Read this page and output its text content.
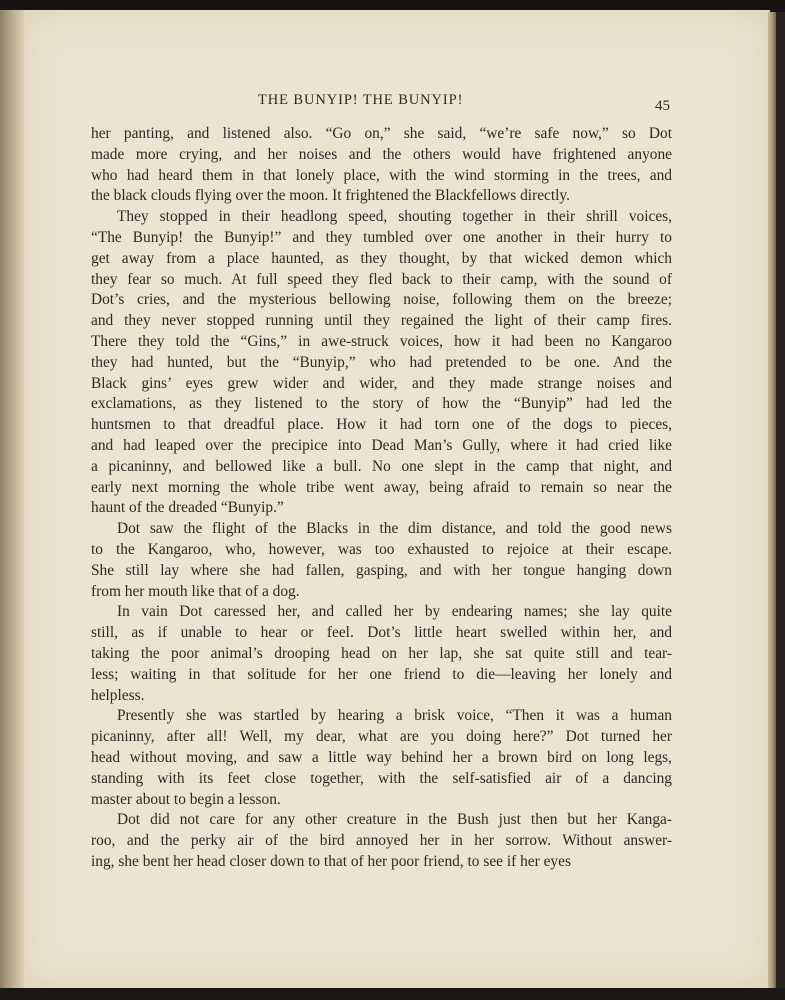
THE BUNYIP! THE BUNYIP!	45
her panting, and listened also. “Go on,” she said, “we’re safe now,” so Dot
made more crying, and her noises and the others would have frightened anyone
who had heard them in that lonely place, with the wind storming in the trees, and
the black clouds flying over the moon. It frightened the Blackfellows directly.
They stopped in their headlong speed, shouting together in their shrill voices,
“The Bunyip! the Bunyip!” and they tumbled over one another in their hurry to
get away from a place haunted, as they thought, by that wicked demon which
they fear so much. At full speed they fled back to their camp, with the sound of
Dot’s cries, and the mysterious bellowing noise, following them on the breeze;
and they never stopped running until they regained the light of their camp fires.
There they told the “Gins,” in awe-struck voices, how it had been no Kangaroo
they had hunted, but the “Bunyip,” who had pretended to be one. And the
Black gins’ eyes grew wider and wider, and they made strange noises and
exclamations, as they listened to the story of how the “Bunyip” had led the
huntsmen to that dreadful place. How it had torn one of the dogs to pieces,
and had leaped over the precipice into Dead Man’s Gully, where it had cried like
a picaninny, and bellowed like a bull. No one slept in the camp that night, and
early next morning the whole tribe went away, being afraid to remain so near the
haunt of the dreaded “Bunyip.”
Dot saw the flight of the Blacks in the dim distance, and told the good news
to the Kangaroo, who, however, was too exhausted to rejoice at their escape.
She still lay where she had fallen, gasping, and with her tongue hanging down
from her mouth like that of a dog.
In vain Dot caressed her, and called her by endearing names; she lay quite
still, as if unable to hear or feel. Dot’s little heart swelled within her, and
taking the poor animal’s drooping head on her lap, she sat quite still and tear-
less; waiting in that solitude for her one friend to die—leaving her lonely and
helpless.
Presently she was startled by hearing a brisk voice, “Then it was a human
picaninny, after all! Well, my dear, what are you doing here?” Dot turned her
head without moving, and saw a little way behind her a brown bird on long legs,
standing with its feet close together, with the self-satisfied air of a dancing
master about to begin a lesson.
Dot did not care for any other creature in the Bush just then but her Kanga-
roo, and the perky air of the bird annoyed her in her sorrow. Without answer-
ing, she bent her head closer down to that of her poor friend, to see if her eyes
